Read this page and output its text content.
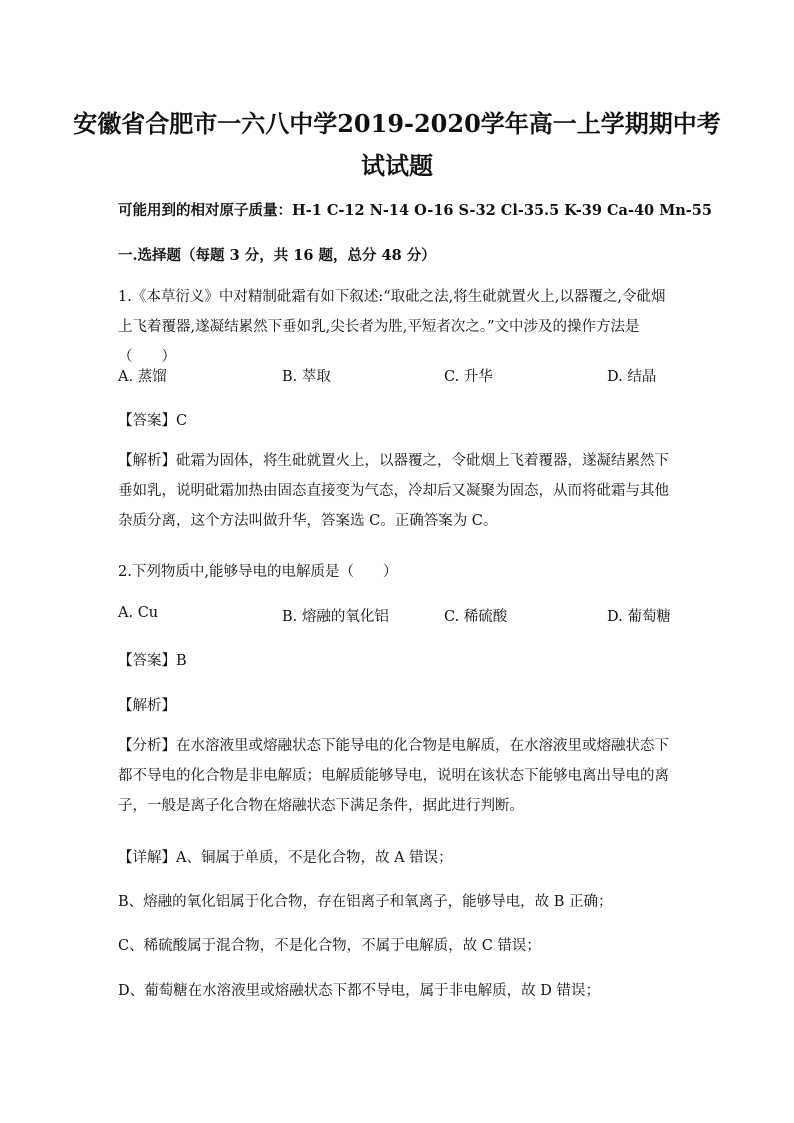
安徽省合肥市一六八中学2019-2020学年高一上学期期中考
试试题
可能用到的相对原子质量：H-1 C-12 N-14 O-16 S-32 Cl-35.5 K-39 Ca-40 Mn-55
一.选择题（每题 3 分，共 16 题，总分 48 分）
1.《本草衍义》中对精制砒霜有如下叙述:“取砒之法,将生砒就置火上,以器覆之,令砒烟上飞着覆器,遂凝结累然下垂如乳,尖长者为胜,平短者次之。”文中涉及的操作方法是（　　）
A. 蒸馏	B. 萃取	C. 升华	D. 结晶
【答案】C
【解析】砒霜为固体，将生砒就置火上，以器覆之，令砒烟上飞着覆器，遂凝结累然下垂如乳，说明砒霜加热由固态直接变为气态，冷却后又凝聚为固态，从而将砒霜与其他杂质分离，这个方法叫做升华，答案选 C。正确答案为 C。
2.下列物质中,能够导电的电解质是（　　）
A. Cu	B. 熔融的氧化铝	C. 稀硫酸	D. 葡萄糖
【答案】B
【解析】
【分析】在水溶液里或熔融状态下能导电的化合物是电解质，在水溶液里或熔融状态下都不导电的化合物是非电解质；电解质能够导电，说明在该状态下能够电离出导电的离子，一般是离子化合物在熔融状态下满足条件，据此进行判断。
【详解】A、铜属于单质，不是化合物，故 A 错误；
B、熔融的氧化铝属于化合物，存在铝离子和氧离子，能够导电，故 B 正确；
C、稀硫酸属于混合物，不是化合物，不属于电解质，故 C 错误；
D、葡萄糖在水溶液里或熔融状态下都不导电，属于非电解质，故 D 错误；
